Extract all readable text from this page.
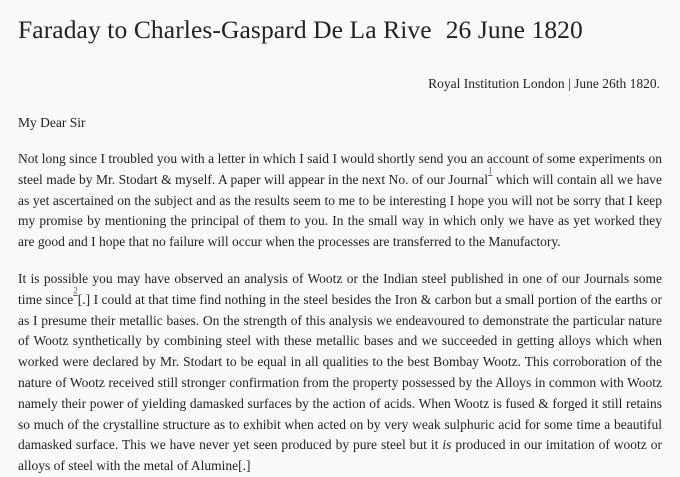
Faraday to Charles-Gaspard De La Rive 26 June 1820
Royal Institution London | June 26th 1820.
My Dear Sir

Not long since I troubled you with a letter in which I said I would shortly send you an account of some experiments on steel made by Mr. Stodart & myself. A paper will appear in the next No. of our Journal$^{^1}$ which will contain all we have as yet ascertained on the subject and as the results seem to me to be interesting I hope you will not be sorry that I keep my promise by mentioning the principal of them to you. In the small way in which only we have as yet worked they are good and I hope that no failure will occur when the processes are transferred to the Manufactory.

It is possible you may have observed an analysis of Wootz or the Indian steel published in one of our Journals some time since$^{^2}$[.] I could at that time find nothing in the steel besides the Iron & carbon but a small portion of the earths or as I presume their metallic bases. On the strength of this analysis we endeavoured to demonstrate the particular nature of Wootz synthetically by combining steel with these metallic bases and we succeeded in getting alloys which when worked were declared by Mr. Stodart to be equal in all qualities to the best Bombay Wootz. This corroboration of the nature of Wootz received still stronger confirmation from the property possessed by the Alloys in common with Wootz namely their power of yielding damasked surfaces by the action of acids. When Wootz is fused & forged it still retains so much of the crystalline structure as to exhibit when acted on by very weak sulphuric acid for some time a beautiful damasked surface. This we have never yet seen produced by pure steel but it is produced in our imitation of wootz or alloys of steel with the metal of Alumine[.]
